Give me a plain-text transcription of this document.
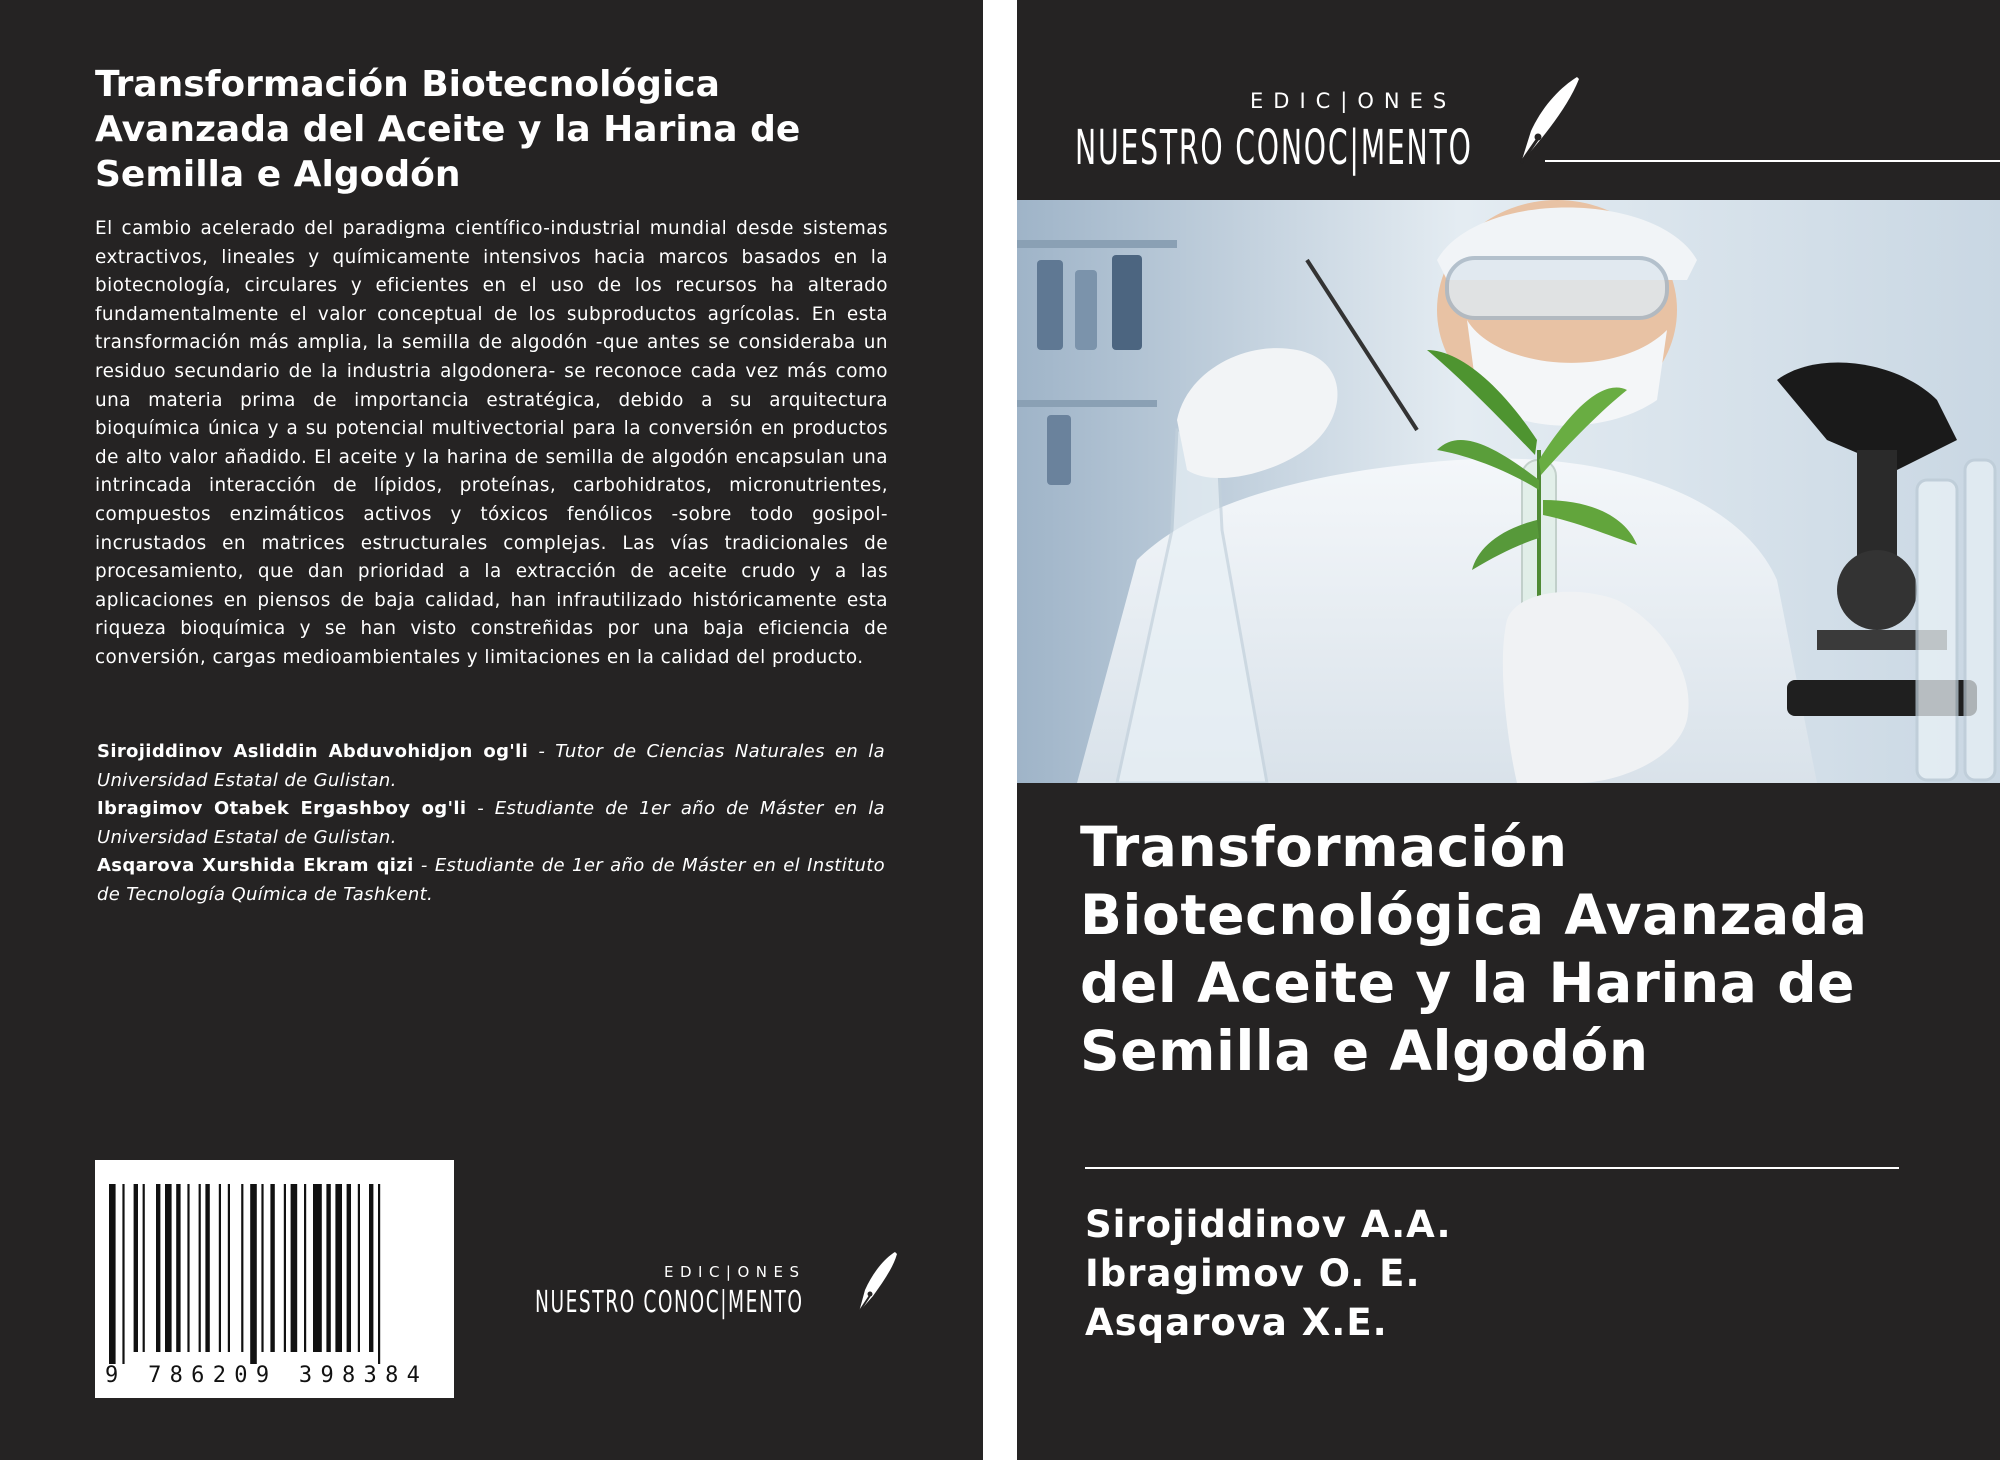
Transformación Biotecnológica Avanzada del Aceite y la Harina de Semilla e Algodón

El cambio acelerado del paradigma científico-industrial mundial desde sistemas extractivos, lineales y químicamente intensivos hacia marcos basados en la biotecnología, circulares y eficientes en el uso de los recursos ha alterado fundamentalmente el valor conceptual de los subproductos agrícolas. En esta transformación más amplia, la semilla de algodón -que antes se consideraba un residuo secundario de la industria algodonera- se reconoce cada vez más como una materia prima de importancia estratégica, debido a su arquitectura bioquímica única y a su potencial multivectorial para la conversión en productos de alto valor añadido. El aceite y la harina de semilla de algodón encapsulan una intrincada interacción de lípidos, proteínas, carbohidratos, micronutrientes, compuestos enzimáticos activos y tóxicos fenólicos -sobre todo gosipol- incrustados en matrices estructurales complejas. Las vías tradicionales de procesamiento, que dan prioridad a la extracción de aceite crudo y a las aplicaciones en piensos de baja calidad, han infrautilizado históricamente esta riqueza bioquímica y se han visto constreñidas por una baja eficiencia de conversión, cargas medioambientales y limitaciones en la calidad del producto.

Sirojiddinov Asliddin Abduvohidjon og'li - Tutor de Ciencias Naturales en la Universidad Estatal de Gulistan.

Ibragimov Otabek Ergashboy og'li - Estudiante de 1er año de Máster en la Universidad Estatal de Gulistan.

Asqarova Xurshida Ekram qizi - Estudiante de 1er año de Máster en el Instituto de Tecnología Química de Tashkent.

9 786209 398384
EDIC|ONES
NUESTRO CONOC|MENTO
EDIC|ONES
NUESTRO CONOC|MENTO
Transformación Biotecnológica Avanzada del Aceite y la Harina de Semilla e Algodón
Sirojiddinov A.A.
Ibragimov O. E.
Asqarova X.E.
